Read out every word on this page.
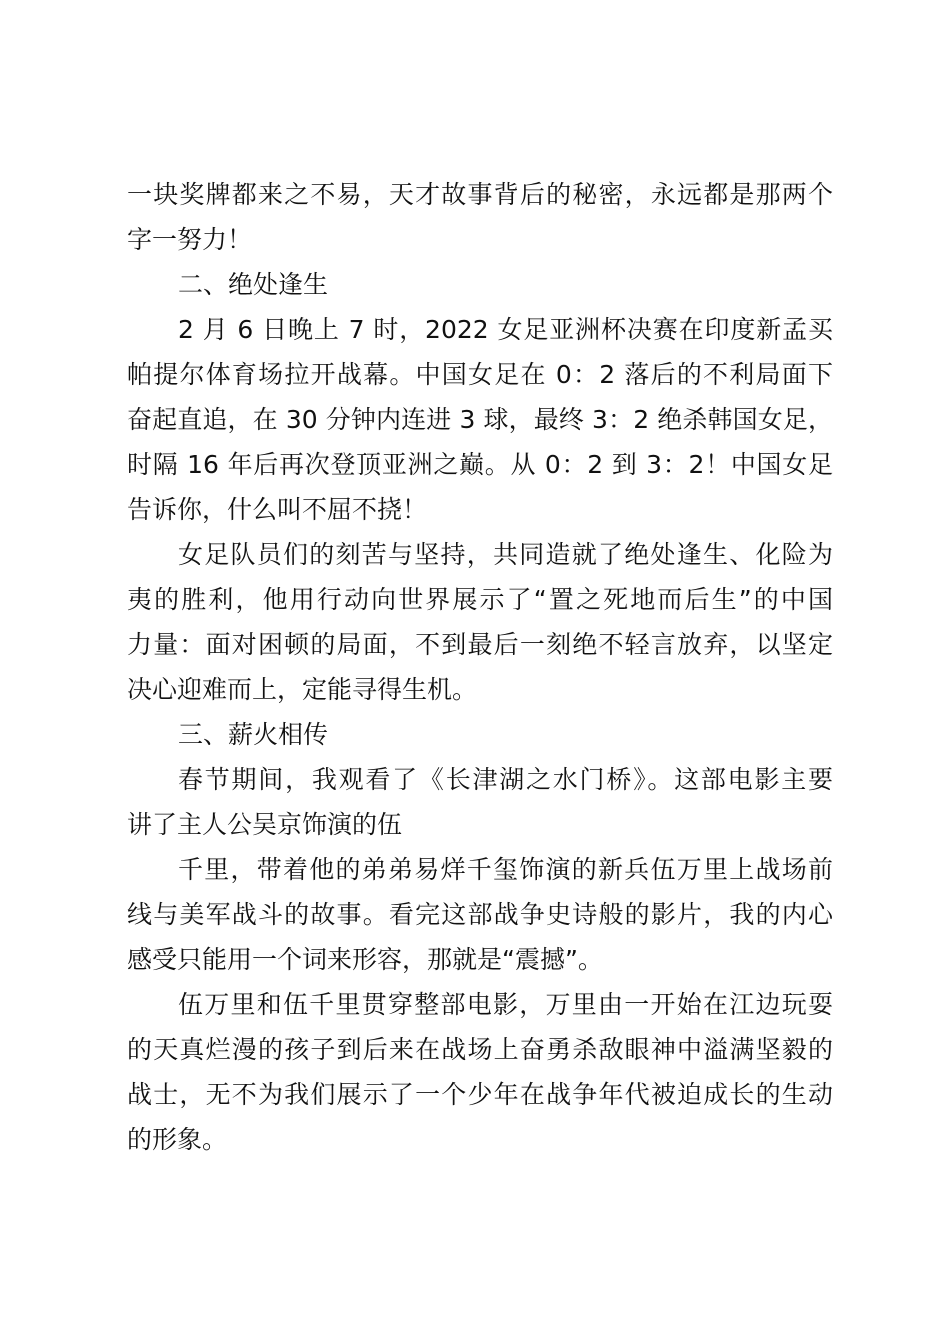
一块奖牌都来之不易，天才故事背后的秘密，永远都是那两个
字一努力！
二、绝处逢生
2 月 6 日晚上 7 时，2022 女足亚洲杯决赛在印度新孟买
帕提尔体育场拉开战幕。中国女足在 0：2 落后的不利局面下
奋起直追，在 30 分钟内连进 3 球，最终 3：2 绝杀韩国女足，
时隔 16 年后再次登顶亚洲之巅。从 0：2 到 3：2！中国女足
告诉你，什么叫不屈不挠！
女足队员们的刻苦与坚持，共同造就了绝处逢生、化险为
夷的胜利，他用行动向世界展示了“置之死地而后生”的中国
力量：面对困顿的局面，不到最后一刻绝不轻言放弃，以坚定
决心迎难而上，定能寻得生机。
三、薪火相传
春节期间，我观看了《长津湖之水门桥》。这部电影主要
讲了主人公吴京饰演的伍
千里，带着他的弟弟易烊千玺饰演的新兵伍万里上战场前
线与美军战斗的故事。看完这部战争史诗般的影片，我的内心
感受只能用一个词来形容，那就是“震撼”。
伍万里和伍千里贯穿整部电影，万里由一开始在江边玩耍
的天真烂漫的孩子到后来在战场上奋勇杀敌眼神中溢满坚毅的
战士，无不为我们展示了一个少年在战争年代被迫成长的生动
的形象。
